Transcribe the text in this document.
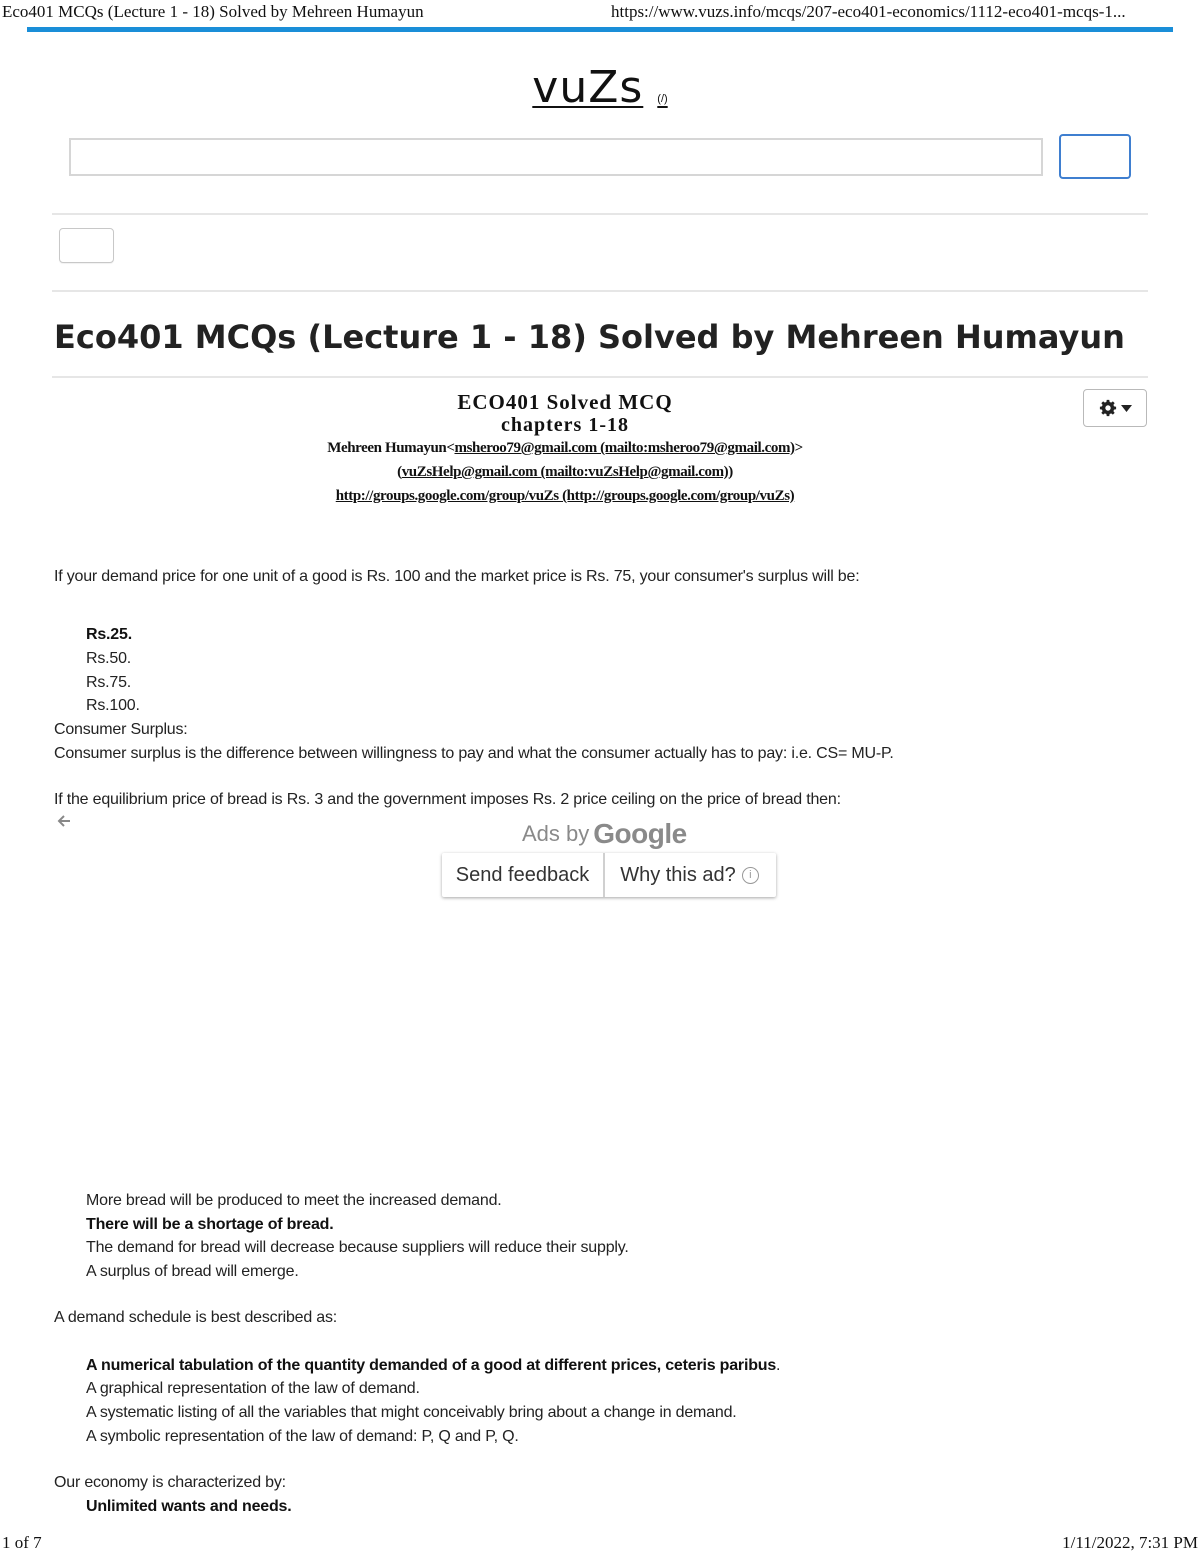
Eco401 MCQs (Lecture 1 - 18) Solved by Mehreen Humayun	https://www.vuzs.info/mcqs/207-eco401-economics/1112-eco401-mcqs-1...
vuZs (/)
Eco401 MCQs (Lecture 1 - 18) Solved by Mehreen Humayun
ECO401 Solved MCQ
chapters 1-18
Mehreen Humayun<msheroo79@gmail.com (mailto:msheroo79@gmail.com)>
(vuZsHelp@gmail.com (mailto:vuZsHelp@gmail.com))
http://groups.google.com/group/vuZs (http://groups.google.com/group/vuZs)
If your demand price for one unit of a good is Rs. 100 and the market price is Rs. 75, your consumer's surplus will be:
Rs.25.
Rs.50.
Rs.75.
Rs.100.
Consumer Surplus:
Consumer surplus is the difference between willingness to pay and what the consumer actually has to pay: i.e. CS= MU-P.
If the equilibrium price of bread is Rs. 3 and the government imposes Rs. 2 price ceiling on the price of bread then:
Ads by Google
Send feedback	Why this ad?	i
More bread will be produced to meet the increased demand.
There will be a shortage of bread.
The demand for bread will decrease because suppliers will reduce their supply.
A surplus of bread will emerge.
A demand schedule is best described as:
A numerical tabulation of the quantity demanded of a good at different prices, ceteris paribus.
A graphical representation of the law of demand.
A systematic listing of all the variables that might conceivably bring about a change in demand.
A symbolic representation of the law of demand: P, Q and P, Q.
Our economy is characterized by:
Unlimited wants and needs.
1 of 7	1/11/2022, 7:31 PM
